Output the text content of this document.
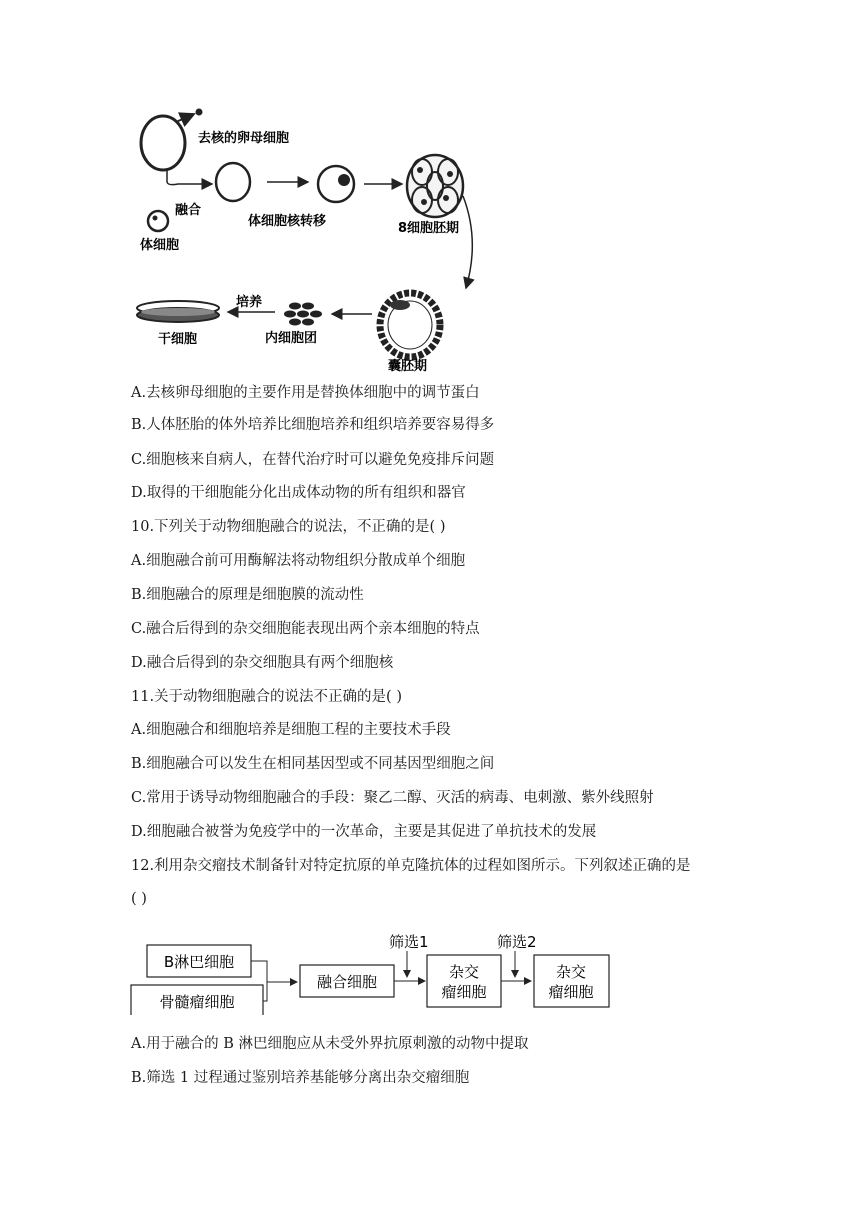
去核的卵母细胞
融合
体细胞
体细胞核转移	8细胞胚期
囊胚期
内细胞团
培养
干细胞
A.去核卵母细胞的主要作用是替换体细胞中的调节蛋白
B.人体胚胎的体外培养比细胞培养和组织培养要容易得多
C.细胞核来自病人，在替代治疗时可以避免免疫排斥问题
D.取得的干细胞能分化出成体动物的所有组织和器官
10.下列关于动物细胞融合的说法，不正确的是( )
A.细胞融合前可用酶解法将动物组织分散成单个细胞
B.细胞融合的原理是细胞膜的流动性
C.融合后得到的杂交细胞能表现出两个亲本细胞的特点
D.融合后得到的杂交细胞具有两个细胞核
11.关于动物细胞融合的说法不正确的是( )
A.细胞融合和细胞培养是细胞工程的主要技术手段
B.细胞融合可以发生在相同基因型或不同基因型细胞之间
C.常用于诱导动物细胞融合的手段：聚乙二醇、灭活的病毒、电刺激、紫外线照射
D.细胞融合被誉为免疫学中的一次革命，主要是其促进了单抗技术的发展
12.利用杂交瘤技术制备针对特定抗原的单克隆抗体的过程如图所示。下列叙述正确的是
( )
B淋巴细胞
骨髓瘤细胞
融合细胞
筛选1
杂交
瘤细胞
筛选2
杂交
瘤细胞
A.用于融合的 B 淋巴细胞应从未受外界抗原刺激的动物中提取
B.筛选 1 过程通过鉴别培养基能够分离出杂交瘤细胞
